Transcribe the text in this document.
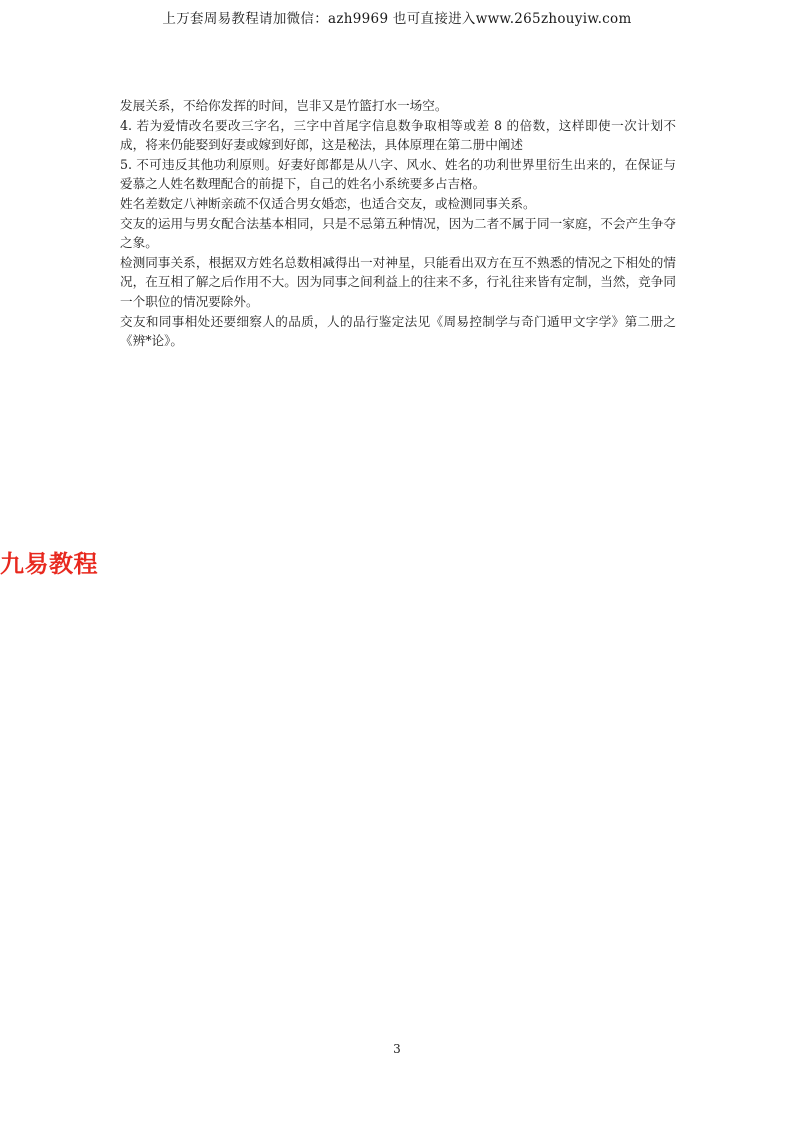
上万套周易教程请加微信：azh9969 也可直接进入www.265zhouyiw.com

发展关系，不给你发挥的时间，岂非又是竹篮打水一场空。

4. 若为爱情改名要改三字名，三字中首尾字信息数争取相等或差 8 的倍数，这样即使一次计划不成，将来仍能娶到好妻或嫁到好郎，这是秘法，具体原理在第二册中阐述

5. 不可违反其他功利原则。好妻好郎都是从八字、风水、姓名的功利世界里衍生出来的，在保证与爱慕之人姓名数理配合的前提下，自己的姓名小系统要多占吉格。

姓名差数定八神断亲疏不仅适合男女婚恋，也适合交友，或检测同事关系。

交友的运用与男女配合法基本相同，只是不忌第五种情况，因为二者不属于同一家庭，不会产生争夺之象。

检测同事关系，根据双方姓名总数相减得出一对神星，只能看出双方在互不熟悉的情况之下相处的情况，在互相了解之后作用不大。因为同事之间利益上的往来不多，行礼往来皆有定制，当然，竞争同一个职位的情况要除外。

交友和同事相处还要细察人的品质，人的品行鉴定法见《周易控制学与奇门遁甲文字学》第二册之《辨*论》。

九易教程
3
